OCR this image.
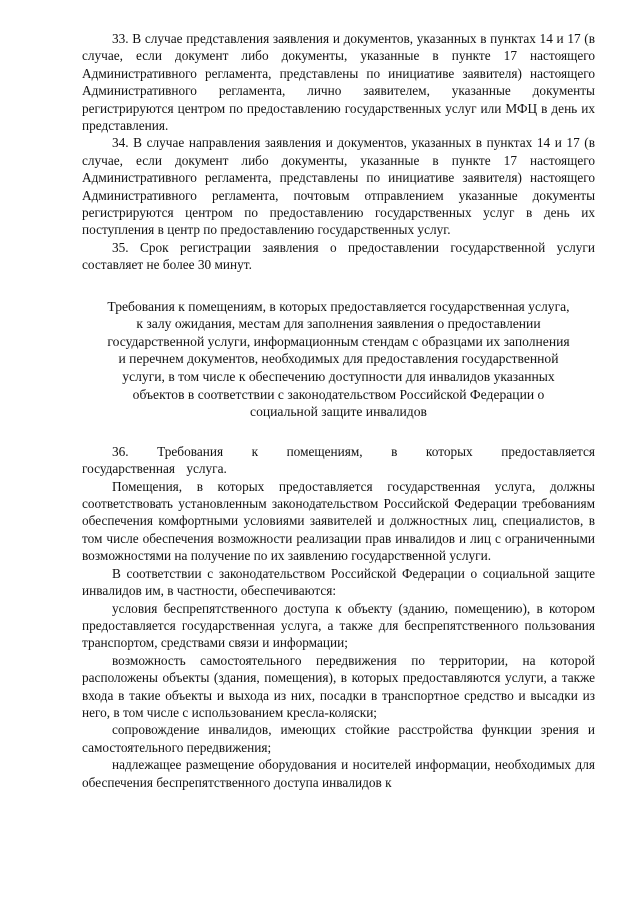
33. В случае представления заявления и документов, указанных в пунктах 14 и 17 (в случае, если документ либо документы, указанные в пункте 17 настоящего Административного регламента, представлены по инициативе заявителя) настоящего Административного регламента, лично заявителем, указанные документы регистрируются центром по предоставлению государственных услуг или МФЦ в день их представления.

34. В случае направления заявления и документов, указанных в пунктах 14 и 17 (в случае, если документ либо документы, указанные в пункте 17 настоящего Административного регламента, представлены по инициативе заявителя) настоящего Административного регламента, почтовым отправлением указанные документы регистрируются центром по предоставлению государственных услуг в день их поступления в центр по предоставлению государственных услуг.

35. Срок регистрации заявления о предоставлении государственной услуги составляет не более 30 минут.

Требования к помещениям, в которых предоставляется государственная услуга,
к залу ожидания, местам для заполнения заявления о предоставлении
государственной услуги, информационным стендам с образцами их заполнения
и перечнем документов, необходимых для предоставления государственной
услуги, в том числе к обеспечению доступности для инвалидов указанных
объектов в соответствии с законодательством Российской Федерации о
социальной защите инвалидов

36. Требования к помещениям, в которых предоставляется государственная услуга.

Помещения, в которых предоставляется государственная услуга, должны соответствовать установленным законодательством Российской Федерации требованиям обеспечения комфортными условиями заявителей и должностных лиц, специалистов, в том числе обеспечения возможности реализации прав инвалидов и лиц с ограниченными возможностями на получение по их заявлению государственной услуги.

В соответствии с законодательством Российской Федерации о социальной защите инвалидов им, в частности, обеспечиваются:

условия беспрепятственного доступа к объекту (зданию, помещению), в котором предоставляется государственная услуга, а также для беспрепятственного пользования транспортом, средствами связи и информации;

возможность самостоятельного передвижения по территории, на которой расположены объекты (здания, помещения), в которых предоставляются услуги, а также входа в такие объекты и выхода из них, посадки в транспортное средство и высадки из него, в том числе с использованием кресла-коляски;

сопровождение инвалидов, имеющих стойкие расстройства функции зрения и самостоятельного передвижения;

надлежащее размещение оборудования и носителей информации, необходимых для обеспечения беспрепятственного доступа инвалидов к
